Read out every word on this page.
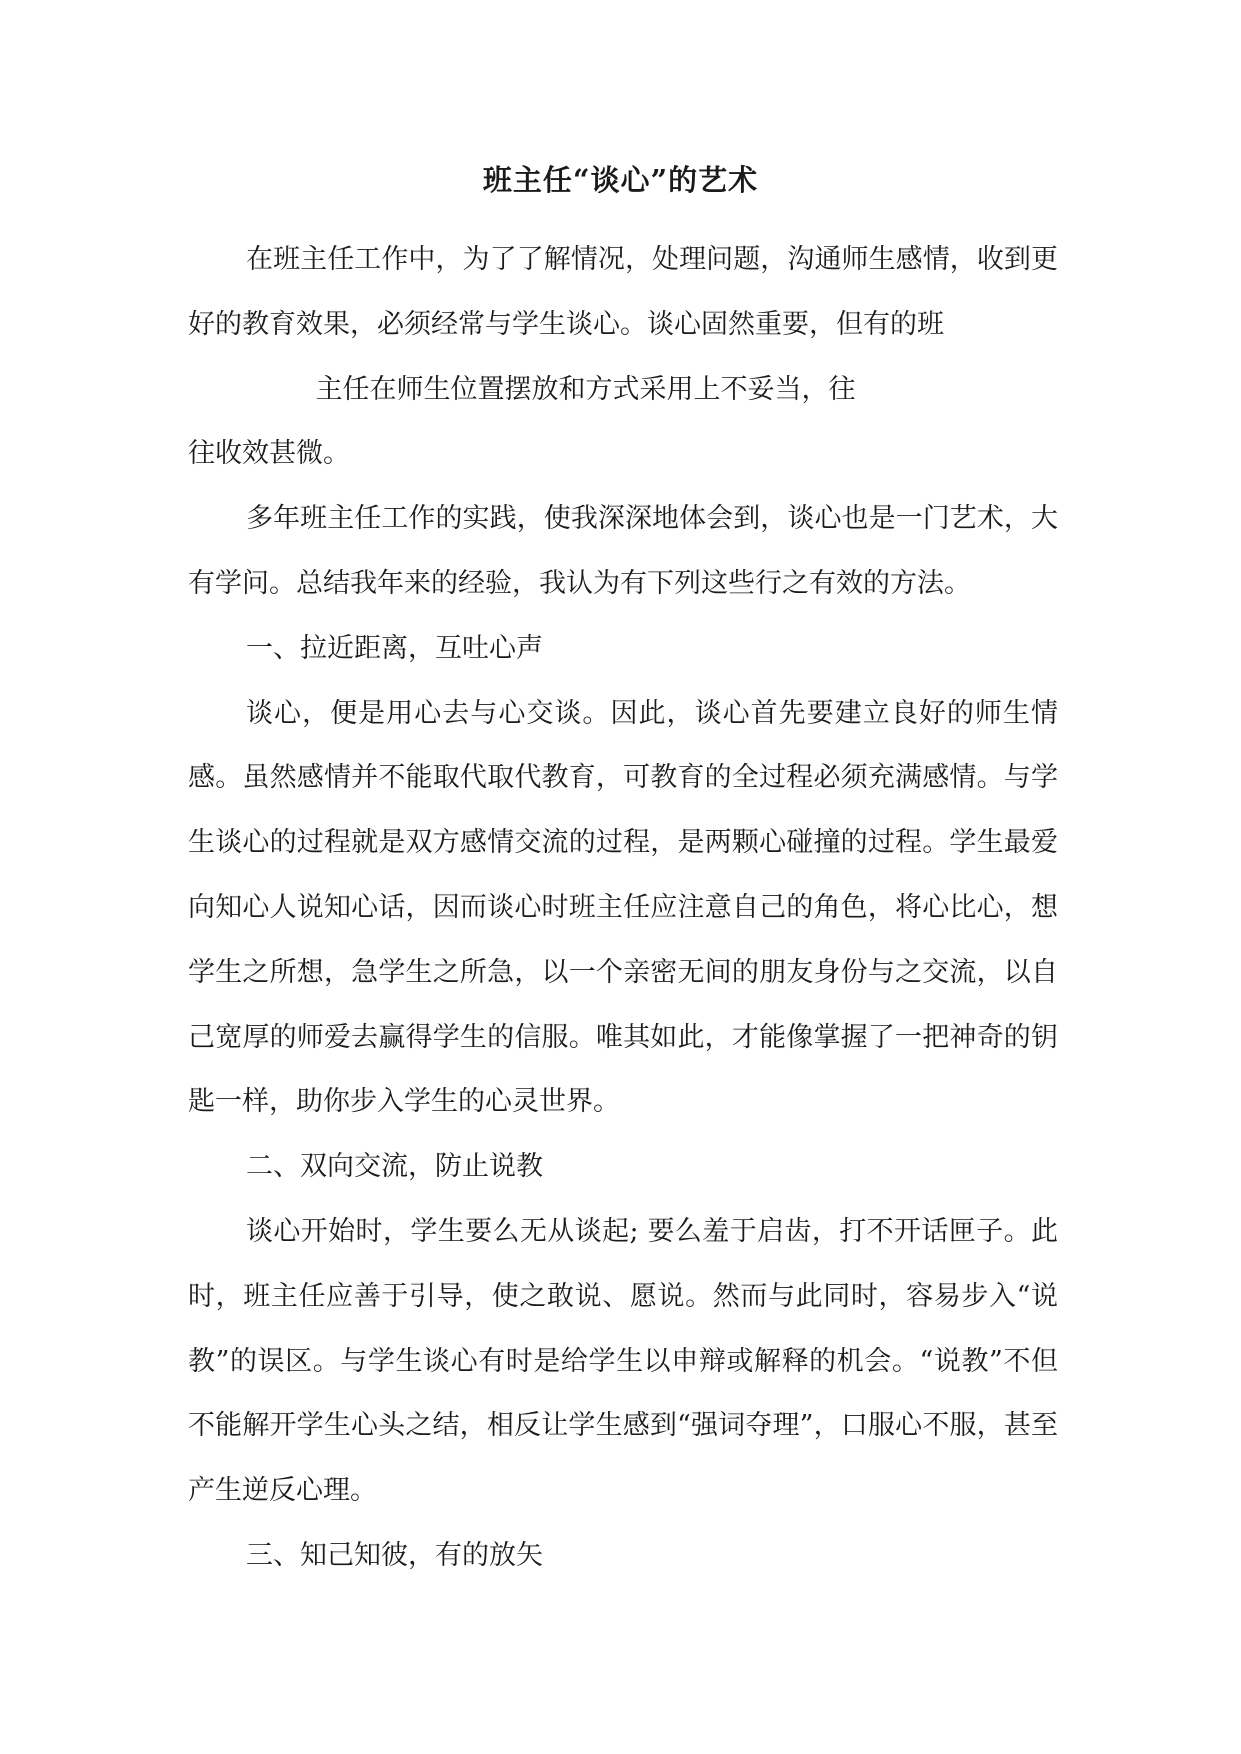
班主任“谈心”的艺术

在班主任工作中，为了了解情况，处理问题，沟通师生感情，收到更好的教育效果，必须经常与学生谈心。谈心固然重要，但有的班

主任在师生位置摆放和方式采用上不妥当，往

往收效甚微。

多年班主任工作的实践，使我深深地体会到，谈心也是一门艺术，大有学问。总结我年来的经验，我认为有下列这些行之有效的方法。

一、拉近距离，互吐心声

谈心，便是用心去与心交谈。因此，谈心首先要建立良好的师生情感。虽然感情并不能取代取代教育，可教育的全过程必须充满感情。与学生谈心的过程就是双方感情交流的过程，是两颗心碰撞的过程。学生最爱向知心人说知心话，因而谈心时班主任应注意自己的角色，将心比心，想学生之所想，急学生之所急，以一个亲密无间的朋友身份与之交流，以自己宽厚的师爱去赢得学生的信服。唯其如此，才能像掌握了一把神奇的钥匙一样，助你步入学生的心灵世界。

二、双向交流，防止说教

谈心开始时，学生要么无从谈起; 要么羞于启齿，打不开话匣子。此时，班主任应善于引导，使之敢说、愿说。然而与此同时，容易步入“说教”的误区。与学生谈心有时是给学生以申辩或解释的机会。“说教”不但不能解开学生心头之结，相反让学生感到“强词夺理”，口服心不服，甚至产生逆反心理。

三、知己知彼，有的放矢
